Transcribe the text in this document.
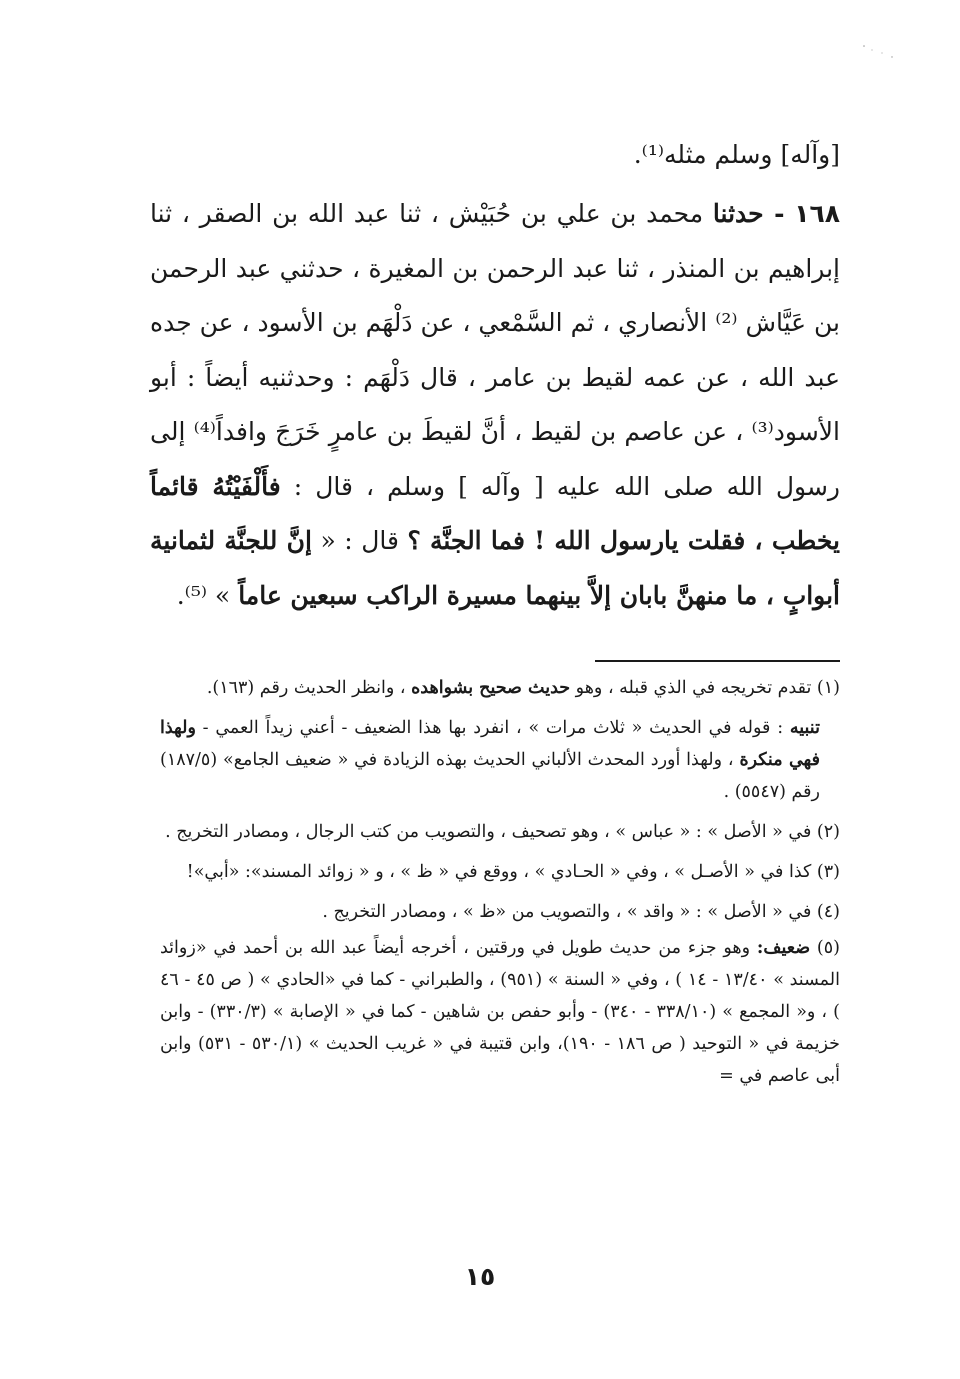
[وآله] وسلم مثله⁽¹⁾.

١٦٨ - حدثنا محمد بن علي بن حُبَيْش ، ثنا عبد الله بن الصقر ، ثنا إبراهيم بن المنذر ، ثنا عبد الرحمن بن المغيرة ، حدثني عبد الرحمن بن عَيَّاش ⁽²⁾ الأنصاري ، ثم السَّمْعي ، عن دَلْهَم بن الأسود ، عن جده عبد الله ، عن عمه لقيط بن عامر ، قال دَلْهَم : وحدثنيه أيضاً : أبو الأسود⁽³⁾ ، عن عاصم بن لقيط ، أنَّ لقيطَ بن عامرٍ خَرَجَ وافداً⁽⁴⁾ إلى رسول الله صلى الله عليه [ وآله ] وسلم ، قال : فأَلْفَيْتُهُ قائماً يخطب ، فقلت يارسول الله ! فما الجنَّة ؟ قال : « إنَّ للجنَّة لثمانية أبوابٍ ، ما منهنَّ بابان إلاَّ بينهما مسيرة الراكب سبعين عاماً » ⁽⁵⁾.

(١) تقدم تخريجه في الذي قبله ، وهو حديث صحيح بشواهده ، وانظر الحديث رقم (١٦٣).

تنبيه : قوله في الحديث « ثلاث مرات » ، انفرد بها هذا الضعيف - أعني زيداً العمي - ولهذا فهي منكرة ، ولهذا أورد المحدث الألباني الحديث بهذه الزيادة في « ضعيف الجامع» (١٨٧/٥) رقم (٥٥٤٧) .

(٢) في « الأصل » : « عباس » ، وهو تصحيف ، والتصويب من كتب الرجال ، ومصادر التخريج .

(٣) كذا في « الأصـل » ، وفي « الحـادي » ، ووقع في « ظ » ، و « زوائد المسند»: «أبي»!

(٤) في « الأصل » : « واقد » ، والتصويب من «ظ » ، ومصادر التخريج .

(٥) ضعيف: وهو جزء من حديث طويل في ورقتين ، أخرجه أيضاً عبد الله بن أحمد في «زوائد المسند » ١٣/٤٠ - ١٤ ) ، وفي « السنة » (٩٥١) ، والطبراني - كما في «الحادي » ( ص ٤٥ - ٤٦ ) ، و« المجمع » (٣٣٨/١٠ - ٣٤٠) - وأبو حفص بن شاهين - كما في « الإصابة » (٣٣٠/٣) - وابن خزيمة في « التوحيد ( ص ١٨٦ - ١٩٠)، وابن قتيبة في « غريب الحديث » (٥٣٠/١ - ٥٣١) وابن أبى عاصم في =

١٥
